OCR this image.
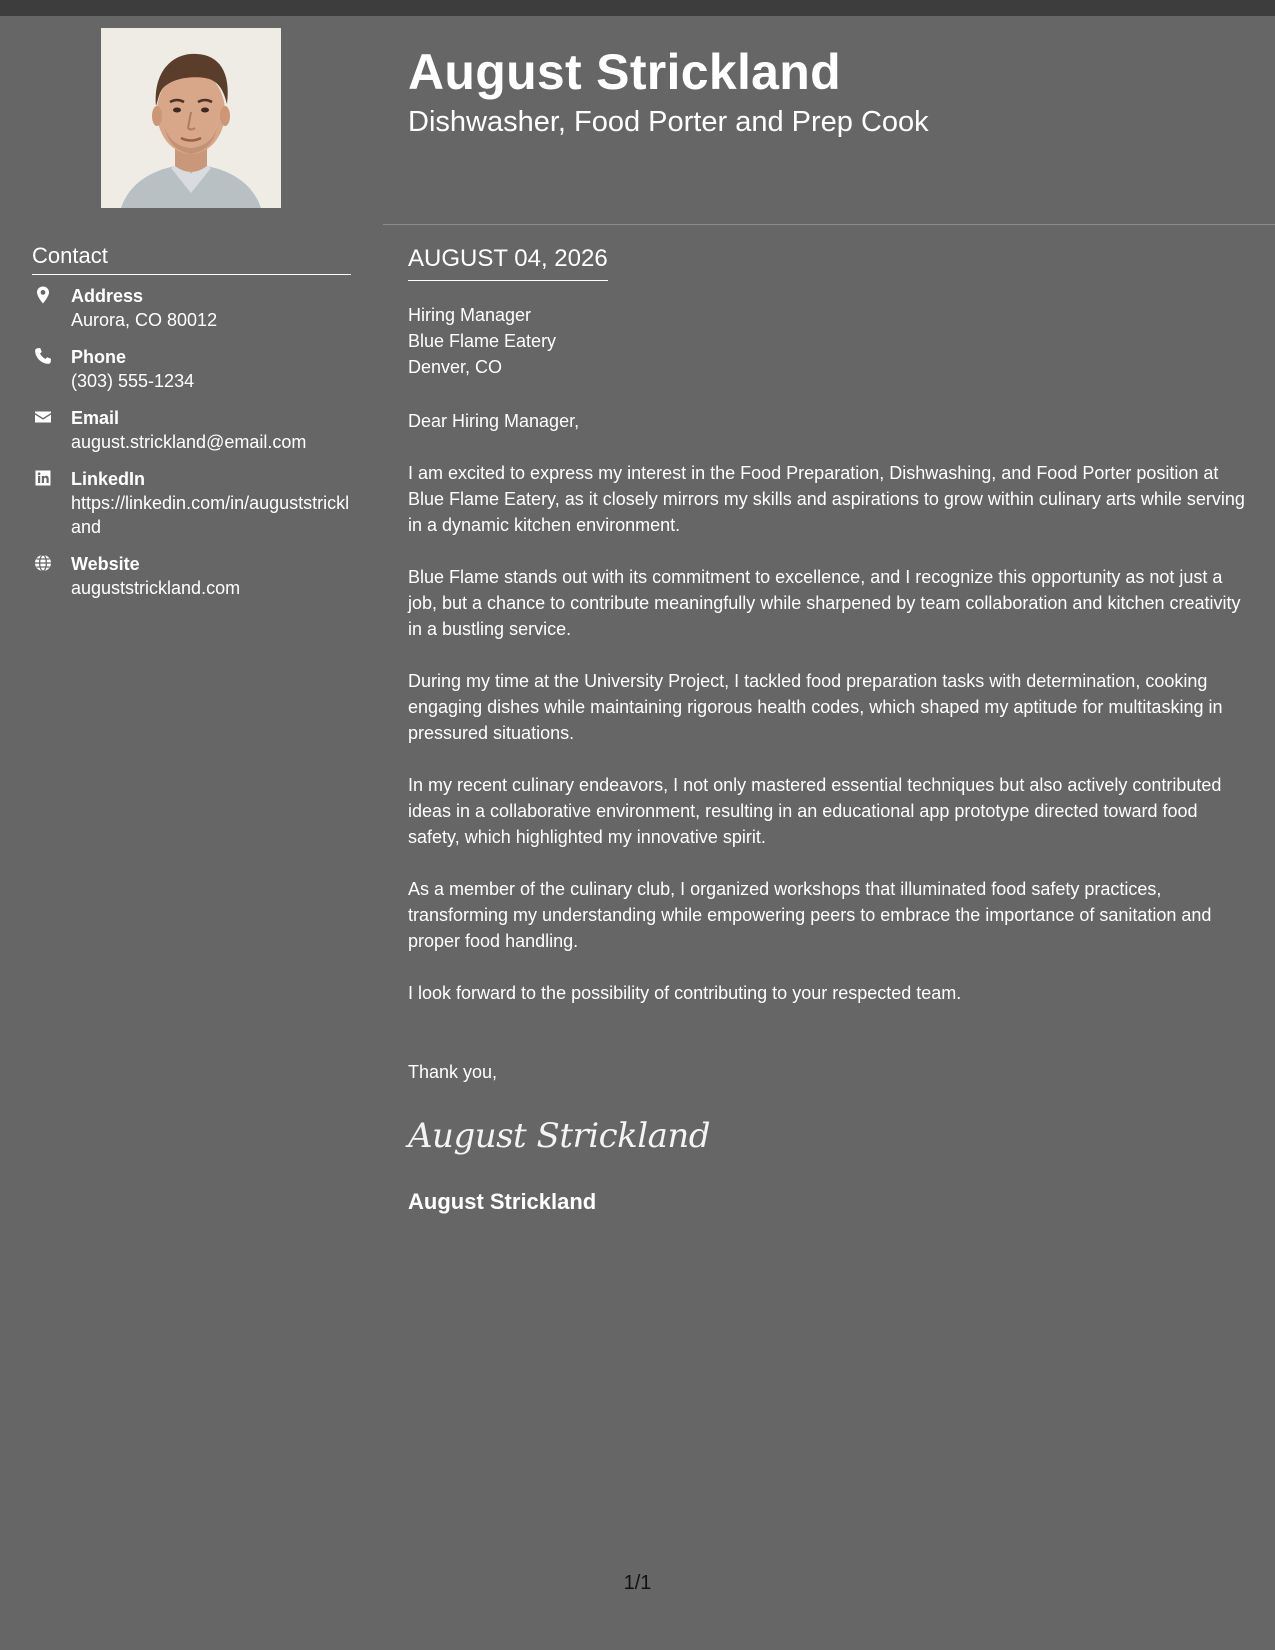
Contact
Address
Aurora, CO 80012
Phone
(303) 555-1234
Email
august.strickland@email.com
LinkedIn
https://linkedin.com/in/auguststrickland
Website
auguststrickland.com
August Strickland
Dishwasher, Food Porter and Prep Cook
AUGUST 04, 2026
Hiring Manager
Blue Flame Eatery
Denver, CO

Dear Hiring Manager,

I am excited to express my interest in the Food Preparation, Dishwashing, and Food Porter position at Blue Flame Eatery, as it closely mirrors my skills and aspirations to grow within culinary arts while serving in a dynamic kitchen environment.

Blue Flame stands out with its commitment to excellence, and I recognize this opportunity as not just a job, but a chance to contribute meaningfully while sharpened by team collaboration and kitchen creativity in a bustling service.

During my time at the University Project, I tackled food preparation tasks with determination, cooking engaging dishes while maintaining rigorous health codes, which shaped my aptitude for multitasking in pressured situations.

In my recent culinary endeavors, I not only mastered essential techniques but also actively contributed ideas in a collaborative environment, resulting in an educational app prototype directed toward food safety, which highlighted my innovative spirit.

As a member of the culinary club, I organized workshops that illuminated food safety practices, transforming my understanding while empowering peers to embrace the importance of sanitation and proper food handling.

I look forward to the possibility of contributing to your respected team.

Thank you,

August Strickland
August Strickland
1/1
